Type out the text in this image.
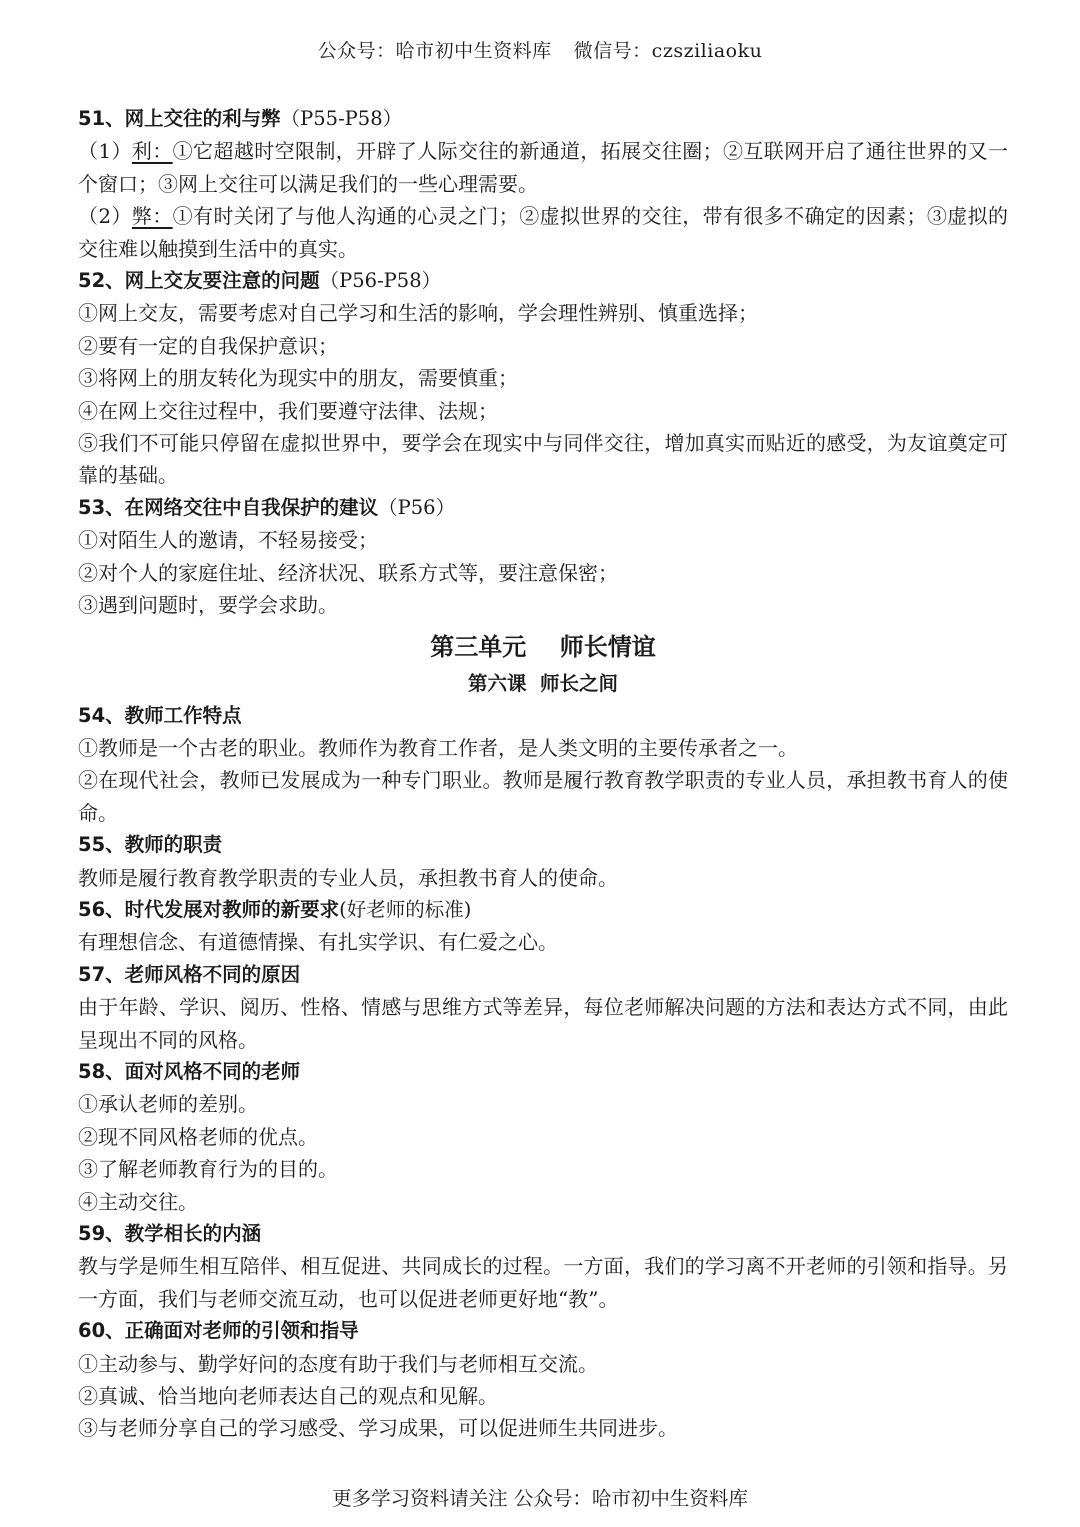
公众号：哈市初中生资料库 微信号：czsziliaoku

51、网上交往的利与弊（P55-P58）

（1）利：①它超越时空限制，开辟了人际交往的新通道，拓展交往圈；②互联网开启了通往世界的又一个窗口；③网上交往可以满足我们的一些心理需要。

（2）弊：①有时关闭了与他人沟通的心灵之门；②虚拟世界的交往，带有很多不确定的因素；③虚拟的交往难以触摸到生活中的真实。

52、网上交友要注意的问题（P56-P58）

①网上交友，需要考虑对自己学习和生活的影响，学会理性辨别、慎重选择；

②要有一定的自我保护意识；

③将网上的朋友转化为现实中的朋友，需要慎重；

④在网上交往过程中，我们要遵守法律、法规；

⑤我们不可能只停留在虚拟世界中，要学会在现实中与同伴交往，增加真实而贴近的感受，为友谊奠定可靠的基础。

53、在网络交往中自我保护的建议（P56）

①对陌生人的邀请，不轻易接受；

②对个人的家庭住址、经济状况、联系方式等，要注意保密；

③遇到问题时，要学会求助。

第三单元    师长情谊

第六课  师长之间

54、教师工作特点

①教师是一个古老的职业。教师作为教育工作者，是人类文明的主要传承者之一。

②在现代社会，教师已发展成为一种专门职业。教师是履行教育教学职责的专业人员，承担教书育人的使命。

55、教师的职责

教师是履行教育教学职责的专业人员，承担教书育人的使命。

56、时代发展对教师的新要求(好老师的标准)

有理想信念、有道德情操、有扎实学识、有仁爱之心。

57、老师风格不同的原因

由于年龄、学识、阅历、性格、情感与思维方式等差异，每位老师解决问题的方法和表达方式不同，由此呈现出不同的风格。

58、面对风格不同的老师

①承认老师的差别。

②现不同风格老师的优点。

③了解老师教育行为的目的。

④主动交往。

59、教学相长的内涵

教与学是师生相互陪伴、相互促进、共同成长的过程。一方面，我们的学习离不开老师的引领和指导。另一方面，我们与老师交流互动，也可以促进老师更好地“教”。

60、正确面对老师的引领和指导

①主动参与、勤学好问的态度有助于我们与老师相互交流。

②真诚、恰当地向老师表达自己的观点和见解。

③与老师分享自己的学习感受、学习成果，可以促进师生共同进步。

更多学习资料请关注 公众号：哈市初中生资料库
